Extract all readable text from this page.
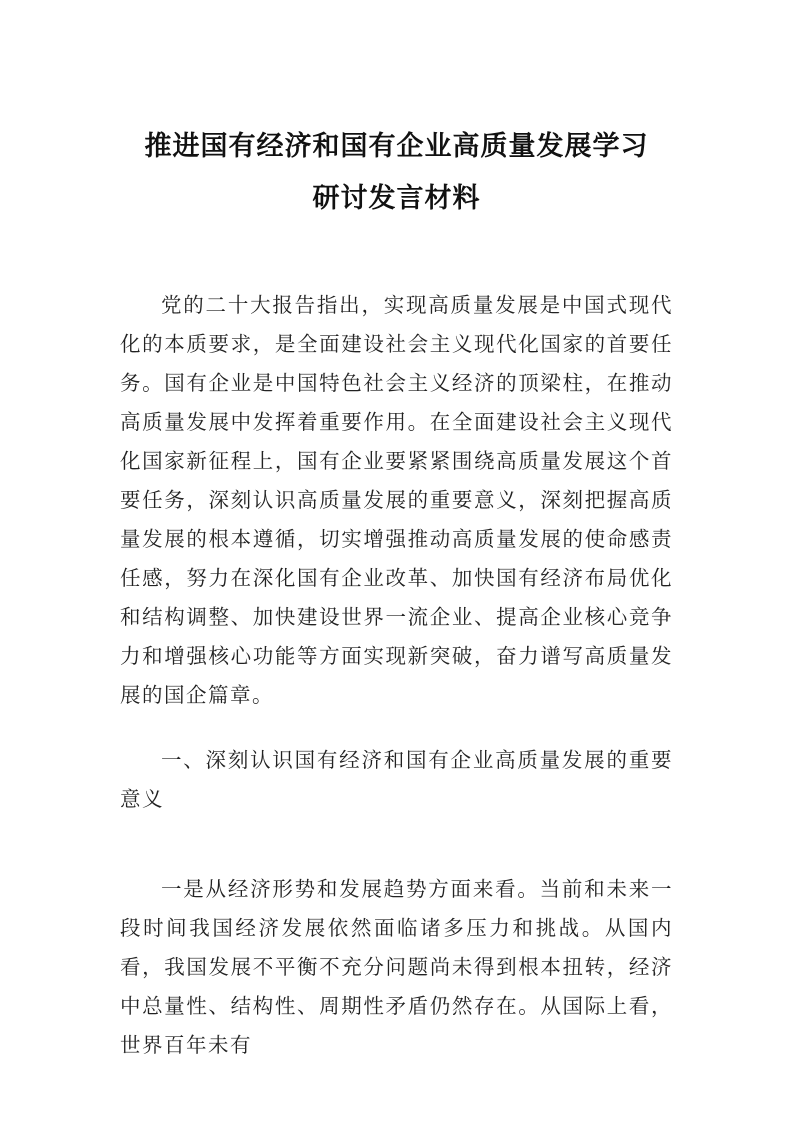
推进国有经济和国有企业高质量发展学习
研讨发言材料

党的二十大报告指出，实现高质量发展是中国式现代化的本质要求，是全面建设社会主义现代化国家的首要任务。国有企业是中国特色社会主义经济的顶梁柱，在推动高质量发展中发挥着重要作用。在全面建设社会主义现代化国家新征程上，国有企业要紧紧围绕高质量发展这个首要任务，深刻认识高质量发展的重要意义，深刻把握高质量发展的根本遵循，切实增强推动高质量发展的使命感责任感，努力在深化国有企业改革、加快国有经济布局优化和结构调整、加快建设世界一流企业、提高企业核心竞争力和增强核心功能等方面实现新突破，奋力谱写高质量发展的国企篇章。

一、深刻认识国有经济和国有企业高质量发展的重要意义

一是从经济形势和发展趋势方面来看。当前和未来一段时间我国经济发展依然面临诸多压力和挑战。从国内看，我国发展不平衡不充分问题尚未得到根本扭转，经济中总量性、结构性、周期性矛盾仍然存在。从国际上看，世界百年未有
